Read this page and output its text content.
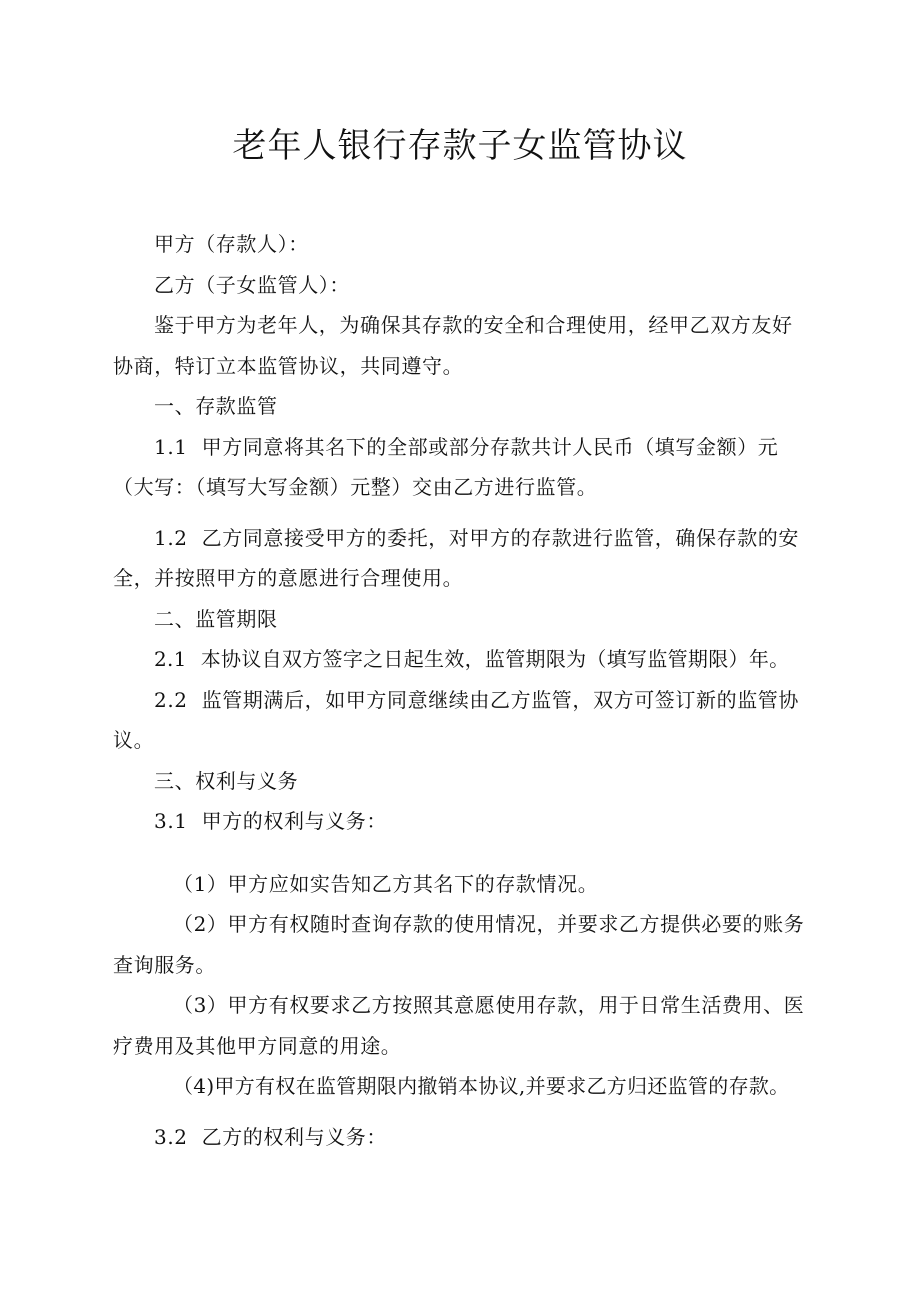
老年人银行存款子女监管协议

甲方（存款人）：

乙方（子女监管人）：

鉴于甲方为老年人，为确保其存款的安全和合理使用，经甲乙双方友好协商，特订立本监管协议，共同遵守。

一、存款监管

1.1 甲方同意将其名下的全部或部分存款共计人民币（填写金额）元（大写：（填写大写金额）元整）交由乙方进行监管。

1.2 乙方同意接受甲方的委托，对甲方的存款进行监管，确保存款的安全，并按照甲方的意愿进行合理使用。

二、监管期限

2.1 本协议自双方签字之日起生效，监管期限为（填写监管期限）年。

2.2 监管期满后，如甲方同意继续由乙方监管，双方可签订新的监管协议。

三、权利与义务

3.1 甲方的权利与义务：

（1）甲方应如实告知乙方其名下的存款情况。

（2）甲方有权随时查询存款的使用情况，并要求乙方提供必要的账务查询服务。

（3）甲方有权要求乙方按照其意愿使用存款，用于日常生活费用、医疗费用及其他甲方同意的用途。

（4)甲方有权在监管期限内撤销本协议,并要求乙方归还监管的存款。

3.2 乙方的权利与义务：
